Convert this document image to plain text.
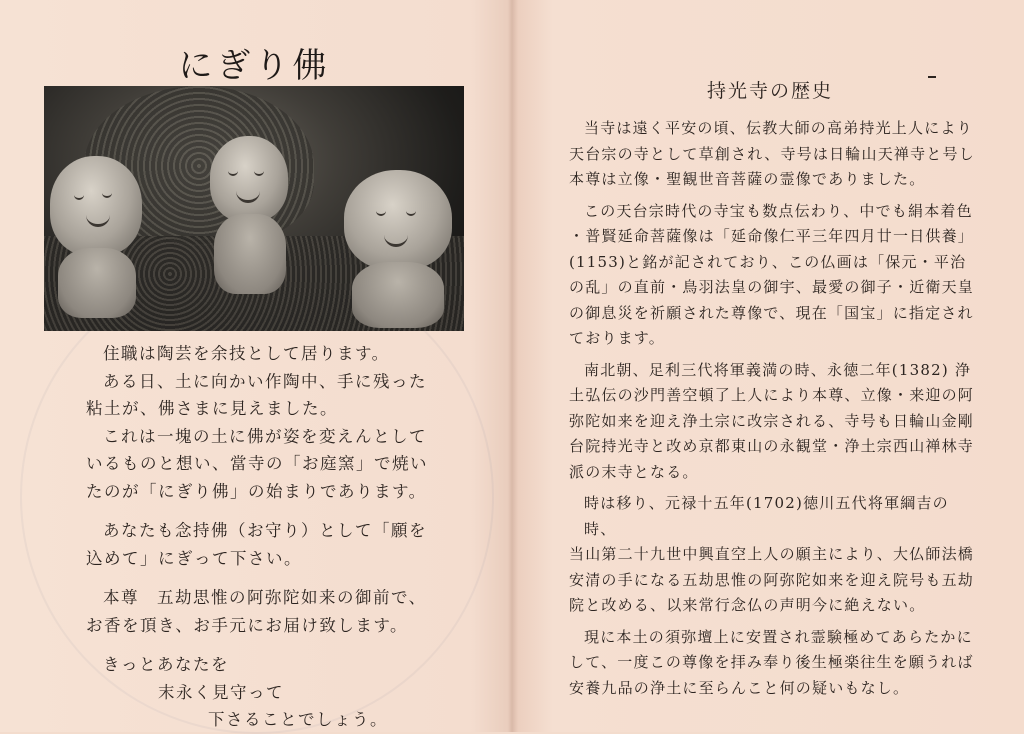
にぎり佛

住職は陶芸を余技として居ります。

ある日、土に向かい作陶中、手に残った

粘土が、佛さまに見えました。

これは一塊の土に佛が姿を変えんとして

いるものと想い、當寺の「お庭窯」で焼い

たのが「にぎり佛」の始まりであります。

あなたも念持佛（お守り）として「願を

込めて」にぎって下さい。

本尊　五劫思惟の阿弥陀如来の御前で、

お香を頂き、お手元にお届け致します。

きっとあなたを

末永く見守って

下さることでしょう。

持光寺の歴史

当寺は遠く平安の頃、伝教大師の高弟持光上人により

天台宗の寺として草創され、寺号は日輪山天禅寺と号し

本尊は立像・聖観世音菩薩の霊像でありました。

この天台宗時代の寺宝も数点伝わり、中でも絹本着色

・普賢延命菩薩像は「延命像仁平三年四月廿一日供養」

(1153)と銘が記されており、この仏画は「保元・平治

の乱」の直前・鳥羽法皇の御宇、最愛の御子・近衛天皇

の御息災を祈願された尊像で、現在「国宝」に指定され

ております。

南北朝、足利三代将軍義満の時、永徳二年(1382) 浄

土弘伝の沙門善空頓了上人により本尊、立像・来迎の阿

弥陀如来を迎え浄土宗に改宗される、寺号も日輪山金剛

台院持光寺と改め京都東山の永観堂・浄土宗西山禅林寺

派の末寺となる。

時は移り、元禄十五年(1702)徳川五代将軍綱吉の時、

当山第二十九世中興直空上人の願主により、大仏師法橋

安清の手になる五劫思惟の阿弥陀如来を迎え院号も五劫

院と改める、以来常行念仏の声明今に絶えない。

現に本土の須弥壇上に安置され霊験極めてあらたかに

して、一度この尊像を拝み奉り後生極楽往生を願うれば

安養九品の浄土に至らんこと何の疑いもなし。
